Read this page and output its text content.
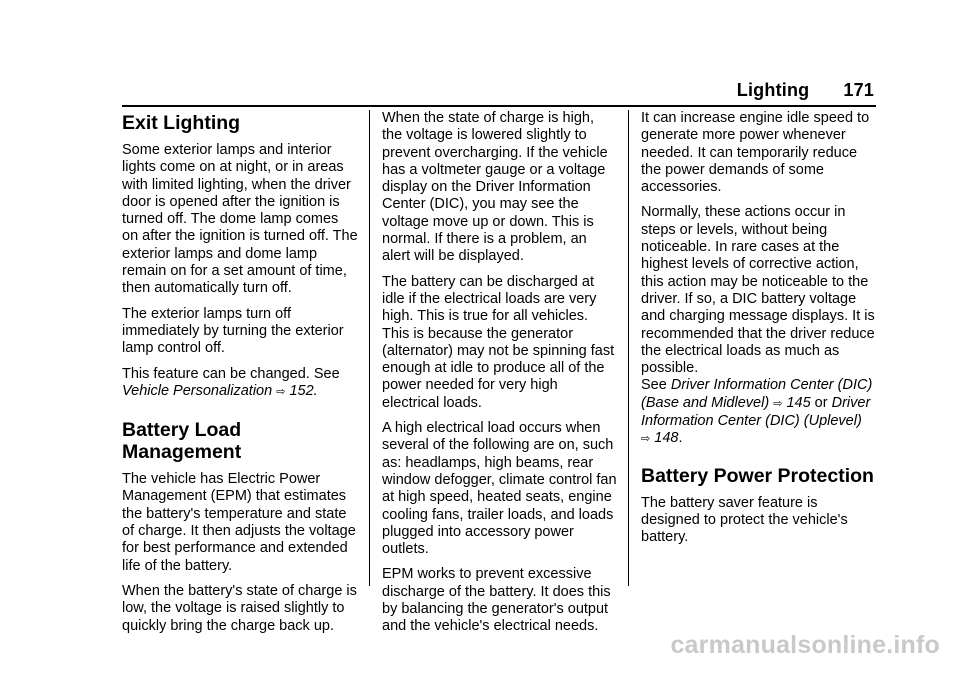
Lighting 171
Exit Lighting

Some exterior lamps and interior lights come on at night, or in areas with limited lighting, when the driver door is opened after the ignition is turned off. The dome lamp comes on after the ignition is turned off. The exterior lamps and dome lamp remain on for a set amount of time, then automatically turn off.

The exterior lamps turn off immediately by turning the exterior lamp control off.

This feature can be changed. See
Vehicle Personalization ⇨ 152.

Battery Load
Management

The vehicle has Electric Power Management (EPM) that estimates the battery's temperature and state of charge. It then adjusts the voltage for best performance and extended life of the battery.

When the battery's state of charge is low, the voltage is raised slightly to quickly bring the charge back up.

When the state of charge is high, the voltage is lowered slightly to prevent overcharging. If the vehicle has a voltmeter gauge or a voltage display on the Driver Information Center (DIC), you may see the voltage move up or down. This is normal. If there is a problem, an alert will be displayed.

The battery can be discharged at idle if the electrical loads are very high. This is true for all vehicles. This is because the generator (alternator) may not be spinning fast enough at idle to produce all of the power needed for very high electrical loads.

A high electrical load occurs when several of the following are on, such as: headlamps, high beams, rear window defogger, climate control fan at high speed, heated seats, engine cooling fans, trailer loads, and loads plugged into accessory power outlets.

EPM works to prevent excessive discharge of the battery. It does this by balancing the generator's output and the vehicle's electrical needs.

It can increase engine idle speed to generate more power whenever needed. It can temporarily reduce the power demands of some accessories.

Normally, these actions occur in steps or levels, without being noticeable. In rare cases at the highest levels of corrective action, this action may be noticeable to the driver. If so, a DIC battery voltage and charging message displays. It is recommended that the driver reduce the electrical loads as much as possible.
See Driver Information Center (DIC) (Base and Midlevel) ⇨ 145 or Driver Information Center (DIC) (Uplevel)
⇨ 148.

Battery Power Protection

The battery saver feature is designed to protect the vehicle's battery.

carmanualsonline.info
